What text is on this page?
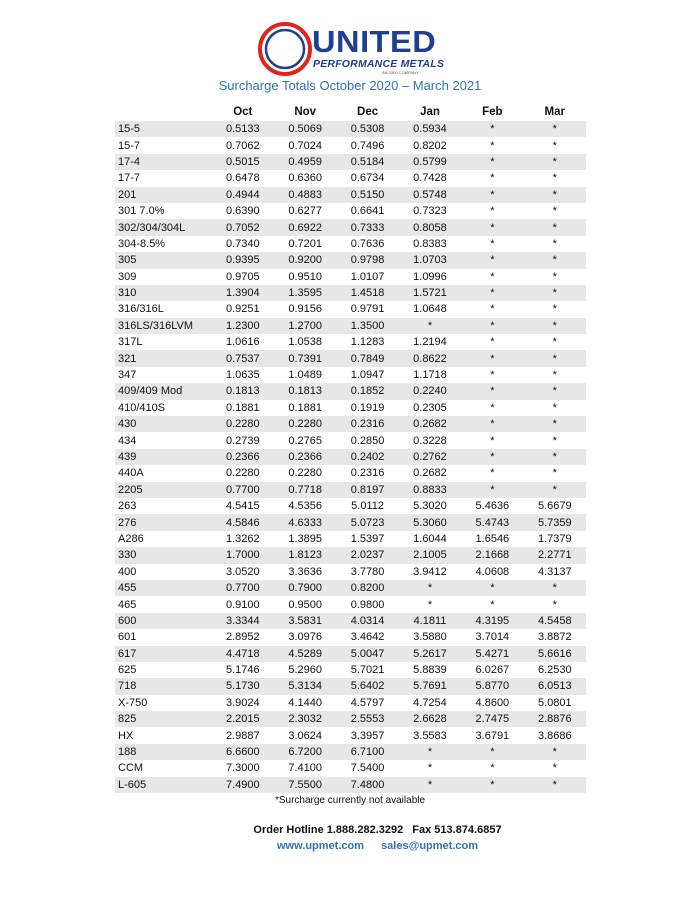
UNITED
PERFORMANCE METALS
AN 0300 COMPANY
Surcharge Totals October 2020 – March 2021
	Oct	Nov	Dec	Jan	Feb	Mar
15-5	0.5133	0.5069	0.5308	0.5934	*	*
15-7	0.7062	0.7024	0.7496	0.8202	*	*
17-4	0.5015	0.4959	0.5184	0.5799	*	*
17-7	0.6478	0.6360	0.6734	0.7428	*	*
201	0.4944	0.4883	0.5150	0.5748	*	*
301 7.0%	0.6390	0.6277	0.6641	0.7323	*	*
302/304/304L	0.7052	0.6922	0.7333	0.8058	*	*
304-8.5%	0.7340	0.7201	0.7636	0.8383	*	*
305	0.9395	0.9200	0.9798	1.0703	*	*
309	0.9705	0.9510	1.0107	1.0996	*	*
310	1.3904	1.3595	1.4518	1.5721	*	*
316/316L	0.9251	0.9156	0.9791	1.0648	*	*
316LS/316LVM	1.2300	1.2700	1.3500	*	*	*
317L	1.0616	1.0538	1.1283	1.2194	*	*
321	0.7537	0.7391	0.7849	0.8622	*	*
347	1.0635	1.0489	1.0947	1.1718	*	*
409/409 Mod	0.1813	0.1813	0.1852	0.2240	*	*
410/410S	0.1881	0.1881	0.1919	0.2305	*	*
430	0.2280	0.2280	0.2316	0.2682	*	*
434	0.2739	0.2765	0.2850	0.3228	*	*
439	0.2366	0.2366	0.2402	0.2762	*	*
440A	0.2280	0.2280	0.2316	0.2682	*	*
2205	0.7700	0.7718	0.8197	0.8833	*	*
263	4.5415	4.5356	5.0112	5.3020	5.4636	5.6679
276	4.5846	4.6333	5.0723	5.3060	5.4743	5.7359
A286	1.3262	1.3895	1.5397	1.6044	1.6546	1.7379
330	1.7000	1.8123	2.0237	2.1005	2.1668	2.2771
400	3.0520	3.3636	3.7780	3.9412	4.0608	4.3137
455	0.7700	0.7900	0.8200	*	*	*
465	0.9100	0.9500	0.9800	*	*	*
600	3.3344	3.5831	4.0314	4.1811	4.3195	4.5458
601	2.8952	3.0976	3.4642	3.5880	3.7014	3.8872
617	4.4718	4.5289	5.0047	5.2617	5.4271	5.6616
625	5.1746	5.2960	5.7021	5.8839	6.0267	6.2530
718	5.1730	5.3134	5.6402	5.7691	5.8770	6.0513
X-750	3.9024	4.1440	4.5797	4.7254	4.8600	5.0801
825	2.2015	2.3032	2.5553	2.6628	2.7475	2.8876
HX	2.9887	3.0624	3.3957	3.5583	3.6791	3.8686
188	6.6600	6.7200	6.7100	*	*	*
CCM	7.3000	7.4100	7.5400	*	*	*
L-605	7.4900	7.5500	7.4800	*	*	*
*Surcharge currently not available
Order Hotline 1.888.282.3292 Fax 513.874.6857
www.upmet.com sales@upmet.com
